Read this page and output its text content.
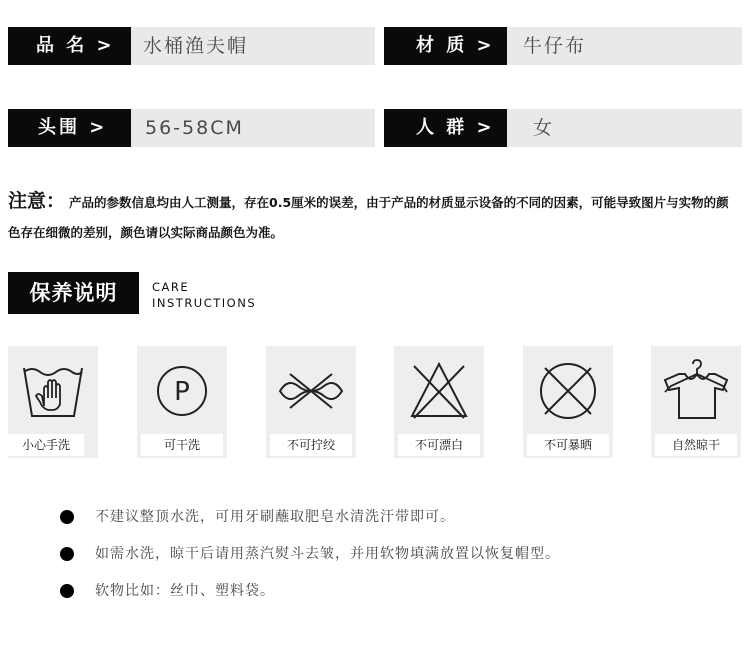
品 名 >	水桶渔夫帽	材 质 >	牛仔布
头围 >	56-58CM	人 群 >	女
注意： 产品的参数信息均由人工测量，存在0.5厘米的误差，由于产品的材质显示设备的不同的因素，可能导致图片与实物的颜色存在细微的差别，颜色请以实际商品颜色为准。
保养说明	CARE
INSTRUCTIONS
小心手洗
P
可干洗	不可拧绞	不可漂白	不可暴晒	自然晾干
不建议整顶水洗，可用牙刷蘸取肥皂水清洗汗带即可。
如需水洗，晾干后请用蒸汽熨斗去皱，并用软物填满放置以恢复帽型。
软物比如：丝巾、塑料袋。
